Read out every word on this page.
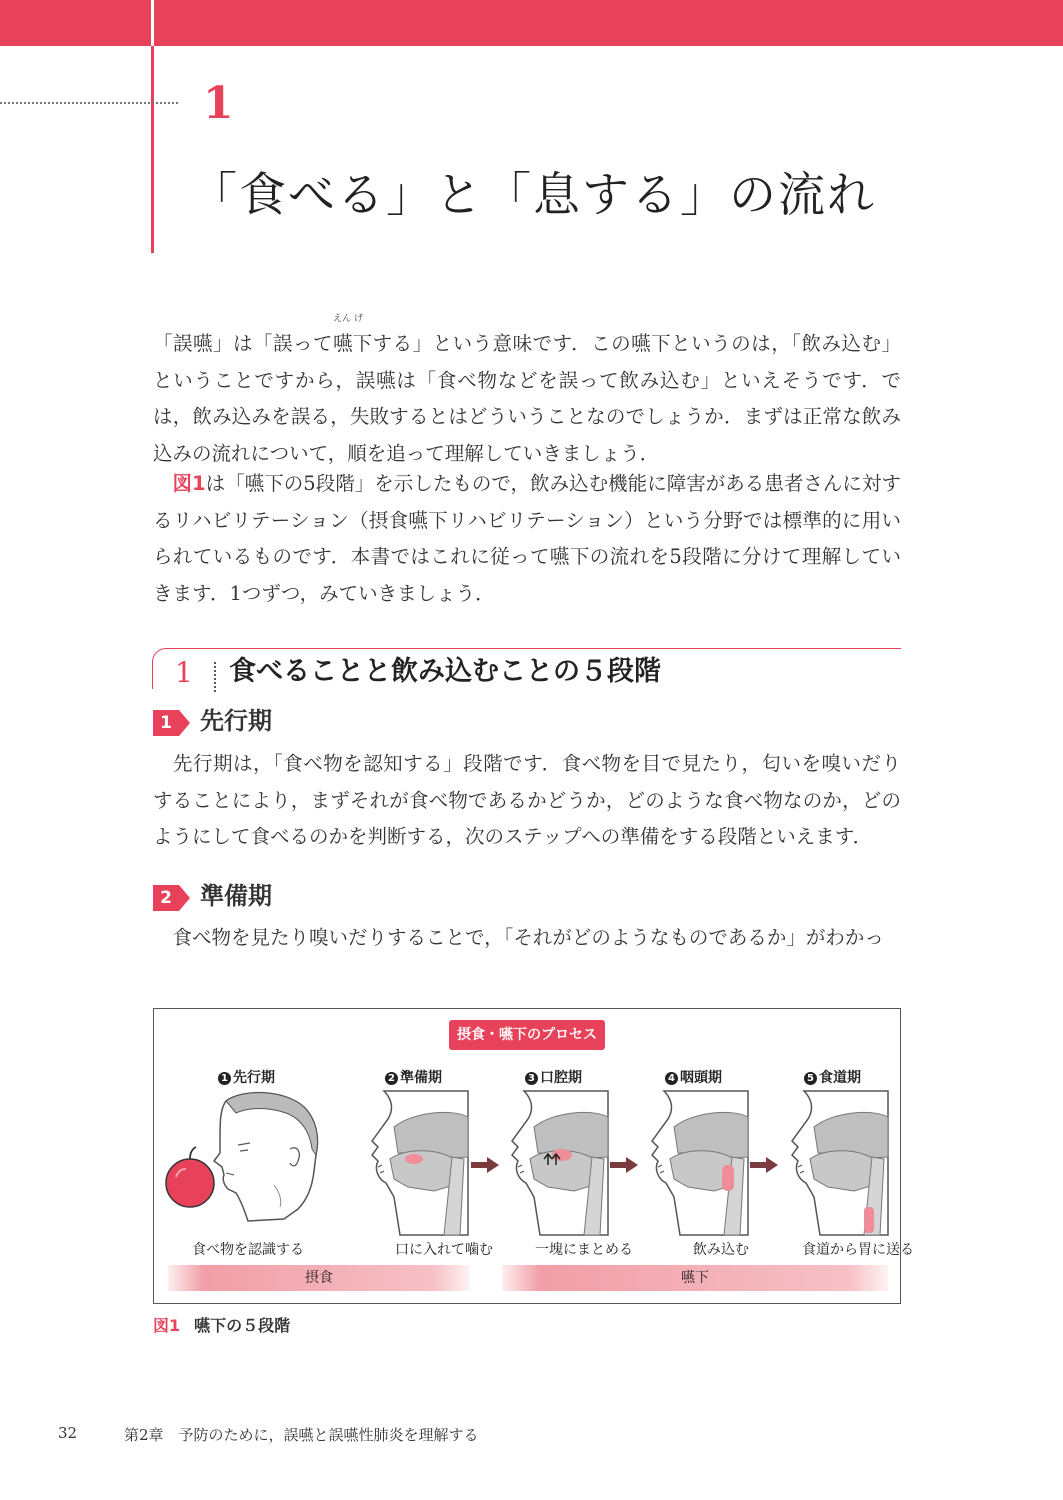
1
「食べる」と「息する」の流れ

「誤嚥」は「誤って
えん げ
嚥下する」という意味です．この嚥下というのは，「飲み込む」ということですから，誤嚥は「食べ物などを誤って飲み込む」といえそうです．では，飲み込みを誤る，失敗するとはどういうことなのでしょうか．まずは正常な飲み込みの流れについて，順を追って理解していきましょう．

　図1は「嚥下の5段階」を示したもので，飲み込む機能に障害がある患者さんに対するリハビリテーション（摂食嚥下リハビリテーション）という分野では標準的に用いられているものです．本書ではこれに従って嚥下の流れを5段階に分けて理解していきます．1つずつ，みていきましょう．

1 食べることと飲み込むことの５段階
1 先行期

　先行期は，「食べ物を認知する」段階です．食べ物を目で見たり，匂いを嗅いだりすることにより，まずそれが食べ物であるかどうか，どのような食べ物なのか，どのようにして食べるのかを判断する，次のステップへの準備をする段階といえます．

2 準備期

　食べ物を見たり嗅いだりすることで，「それがどのようなものであるか」がわかっ

摂食・嚥下のプロセス
1 先行期	2 準備期	3 口腔期	4 咽頭期	5 食道期
食べ物を認識する	口に入れて噛む	一塊にまとめる	飲み込む	食道から胃に送る
摂食	嚥下
図1 嚥下の５段階
32	第2章　予防のために，誤嚥と誤嚥性肺炎を理解する
